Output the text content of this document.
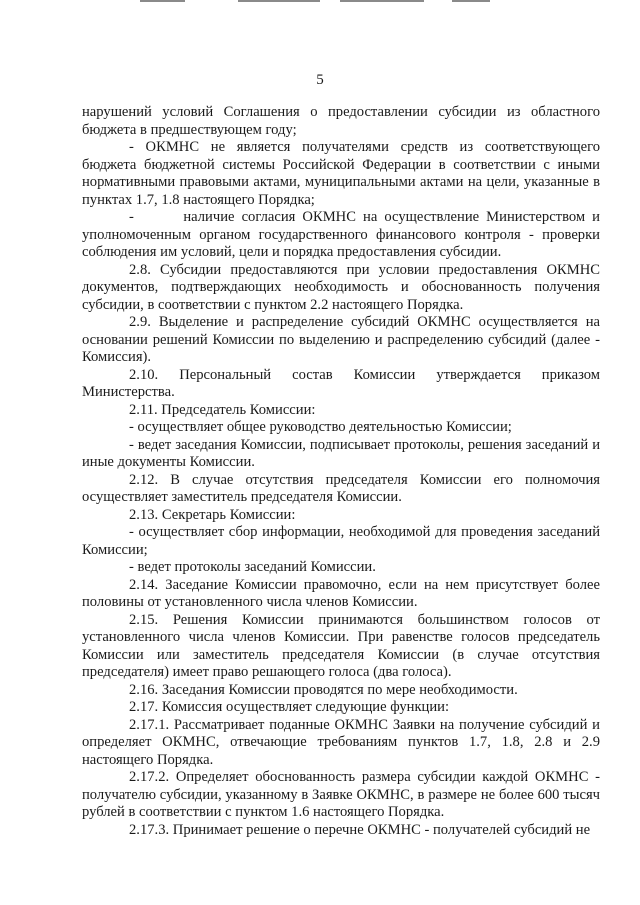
5

нарушений условий Соглашения о предоставлении субсидии из областного бюджета в предшествующем году;

- ОКМНС не является получателями средств из соответствующего бюджета бюджетной системы Российской Федерации в соответствии с иными нормативными правовыми актами, муниципальными актами на цели, указанные в пунктах 1.7, 1.8 настоящего Порядка;

-       наличие согласия ОКМНС на осуществление Министерством и уполномоченным органом государственного финансового контроля - проверки соблюдения им условий, цели и порядка предоставления субсидии.

2.8. Субсидии предоставляются при условии предоставления ОКМНС документов, подтверждающих необходимость и обоснованность получения субсидии, в соответствии с пунктом 2.2 настоящего Порядка.

2.9. Выделение и распределение субсидий ОКМНС осуществляется на основании решений Комиссии по выделению и распределению субсидий (далее - Комиссия).

2.10. Персональный состав Комиссии утверждается приказом Министерства.

2.11. Председатель Комиссии:

- осуществляет общее руководство деятельностью Комиссии;

- ведет заседания Комиссии, подписывает протоколы, решения заседаний и иные документы Комиссии.

2.12. В случае отсутствия председателя Комиссии его полномочия осуществляет заместитель председателя Комиссии.

2.13. Секретарь Комиссии:

- осуществляет сбор информации, необходимой для проведения заседаний Комиссии;

- ведет протоколы заседаний Комиссии.

2.14. Заседание Комиссии правомочно, если на нем присутствует более половины от установленного числа членов Комиссии.

2.15. Решения Комиссии принимаются большинством голосов от установленного числа членов Комиссии. При равенстве голосов председатель Комиссии или заместитель председателя Комиссии (в случае отсутствия председателя) имеет право решающего голоса (два голоса).

2.16. Заседания Комиссии проводятся по мере необходимости.

2.17. Комиссия осуществляет следующие функции:

2.17.1. Рассматривает поданные ОКМНС Заявки на получение субсидий и определяет ОКМНС, отвечающие требованиям пунктов 1.7, 1.8, 2.8 и 2.9 настоящего Порядка.

2.17.2. Определяет обоснованность размера субсидии каждой ОКМНС - получателю субсидии, указанному в Заявке ОКМНС, в размере не более 600 тысяч рублей в соответствии с пунктом 1.6 настоящего Порядка.

2.17.3. Принимает решение о перечне ОКМНС - получателей субсидий не
